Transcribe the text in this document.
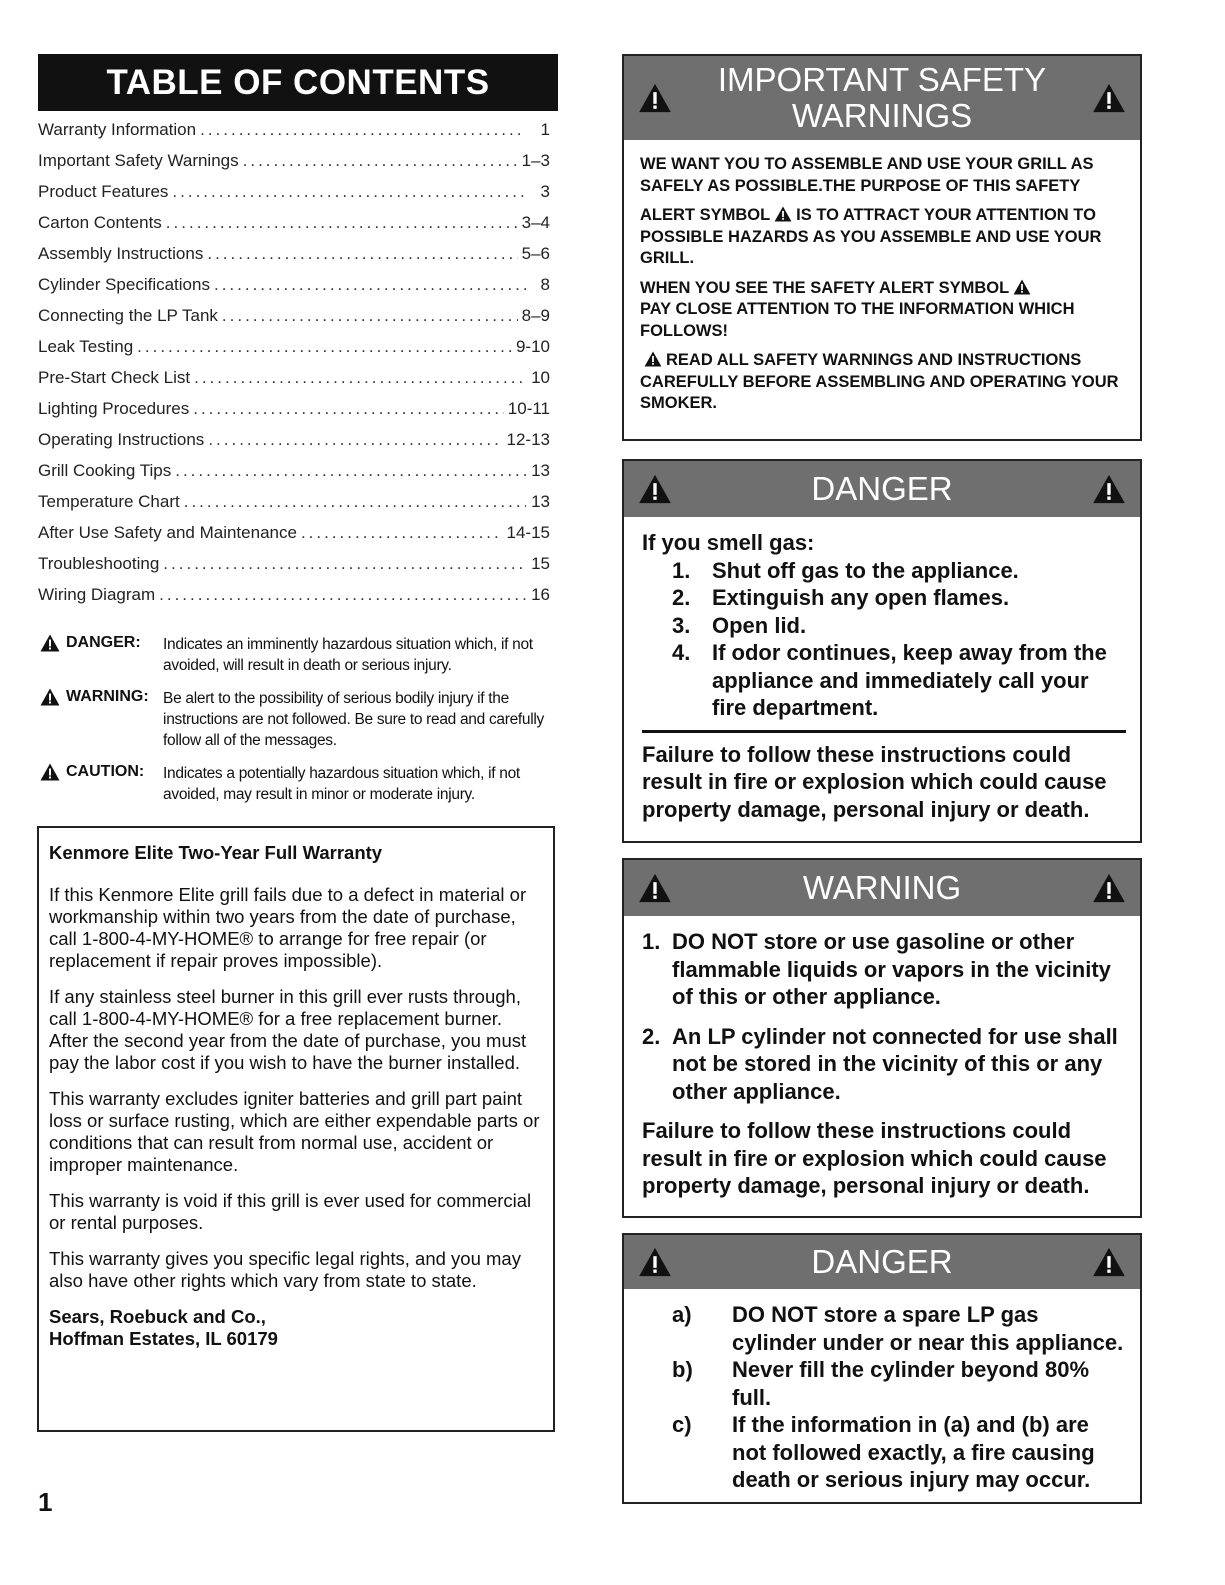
TABLE OF CONTENTS
Warranty Information .....	1
Important Safety Warnings .....	1–3
Product Features .....	3
Carton Contents .....	3–4
Assembly Instructions .....	5–6
Cylinder Specifications .....	8
Connecting the LP Tank .....	8–9
Leak Testing .....	9-10
Pre-Start Check List .....	10
Lighting Procedures .....	10-11
Operating Instructions .....	12-13
Grill Cooking Tips .....	13
Temperature Chart .....	13
After Use Safety and Maintenance .....	14-15
Troubleshooting .....	15
Wiring Diagram .....	16
DANGER: Indicates an imminently hazardous situation which, if not avoided, will result in death or serious injury.
WARNING: Be alert to the possibility of serious bodily injury if the instructions are not followed. Be sure to read and carefully follow all of the messages.
CAUTION: Indicates a potentially hazardous situation which, if not avoided, may result in minor or moderate injury.
Kenmore Elite Two-Year Full Warranty

If this Kenmore Elite grill fails due to a defect in material or workmanship within two years from the date of purchase, call 1-800-4-MY-HOME® to arrange for free repair (or replacement if repair proves impossible).

If any stainless steel burner in this grill ever rusts through, call 1-800-4-MY-HOME® for a free replacement burner. After the second year from the date of purchase, you must pay the labor cost if you wish to have the burner installed.

This warranty excludes igniter batteries and grill part paint loss or surface rusting, which are either expendable parts or conditions that can result from normal use, accident or improper maintenance.

This warranty is void if this grill is ever used for commercial or rental purposes.

This warranty gives you specific legal rights, and you may also have other rights which vary from state to state.

Sears, Roebuck and Co.,
Hoffman Estates, IL 60179
1
IMPORTANT SAFETY
WARNINGS

WE WANT YOU TO ASSEMBLE AND USE YOUR GRILL AS SAFELY AS POSSIBLE.THE PURPOSE OF THIS SAFETY

ALERT SYMBOL IS TO ATTRACT YOUR ATTENTION TO POSSIBLE HAZARDS AS YOU ASSEMBLE AND USE YOUR GRILL.

WHEN YOU SEE THE SAFETY ALERT SYMBOL
PAY CLOSE ATTENTION TO THE INFORMATION WHICH FOLLOWS!

READ ALL SAFETY WARNINGS AND INSTRUCTIONS CAREFULLY BEFORE ASSEMBLING AND OPERATING YOUR SMOKER.

DANGER
If you smell gas:
1. Shut off gas to the appliance.
2. Extinguish any open flames.
3. Open lid.
4. If odor continues, keep away from the appliance and immediately call your fire department.
Failure to follow these instructions could result in fire or explosion which could cause property damage, personal injury or death.
WARNING
1. DO NOT store or use gasoline or other flammable liquids or vapors in the vicinity of this or other appliance.
2. An LP cylinder not connected for use shall not be stored in the vicinity of this or any other appliance.
Failure to follow these instructions could result in fire or explosion which could cause property damage, personal injury or death.
DANGER
a)	DO NOT store a spare LP gas cylinder under or near this appliance.
b)	Never fill the cylinder beyond 80% full.
c)	If the information in (a) and (b) are not followed exactly, a fire causing death or serious injury may occur.
